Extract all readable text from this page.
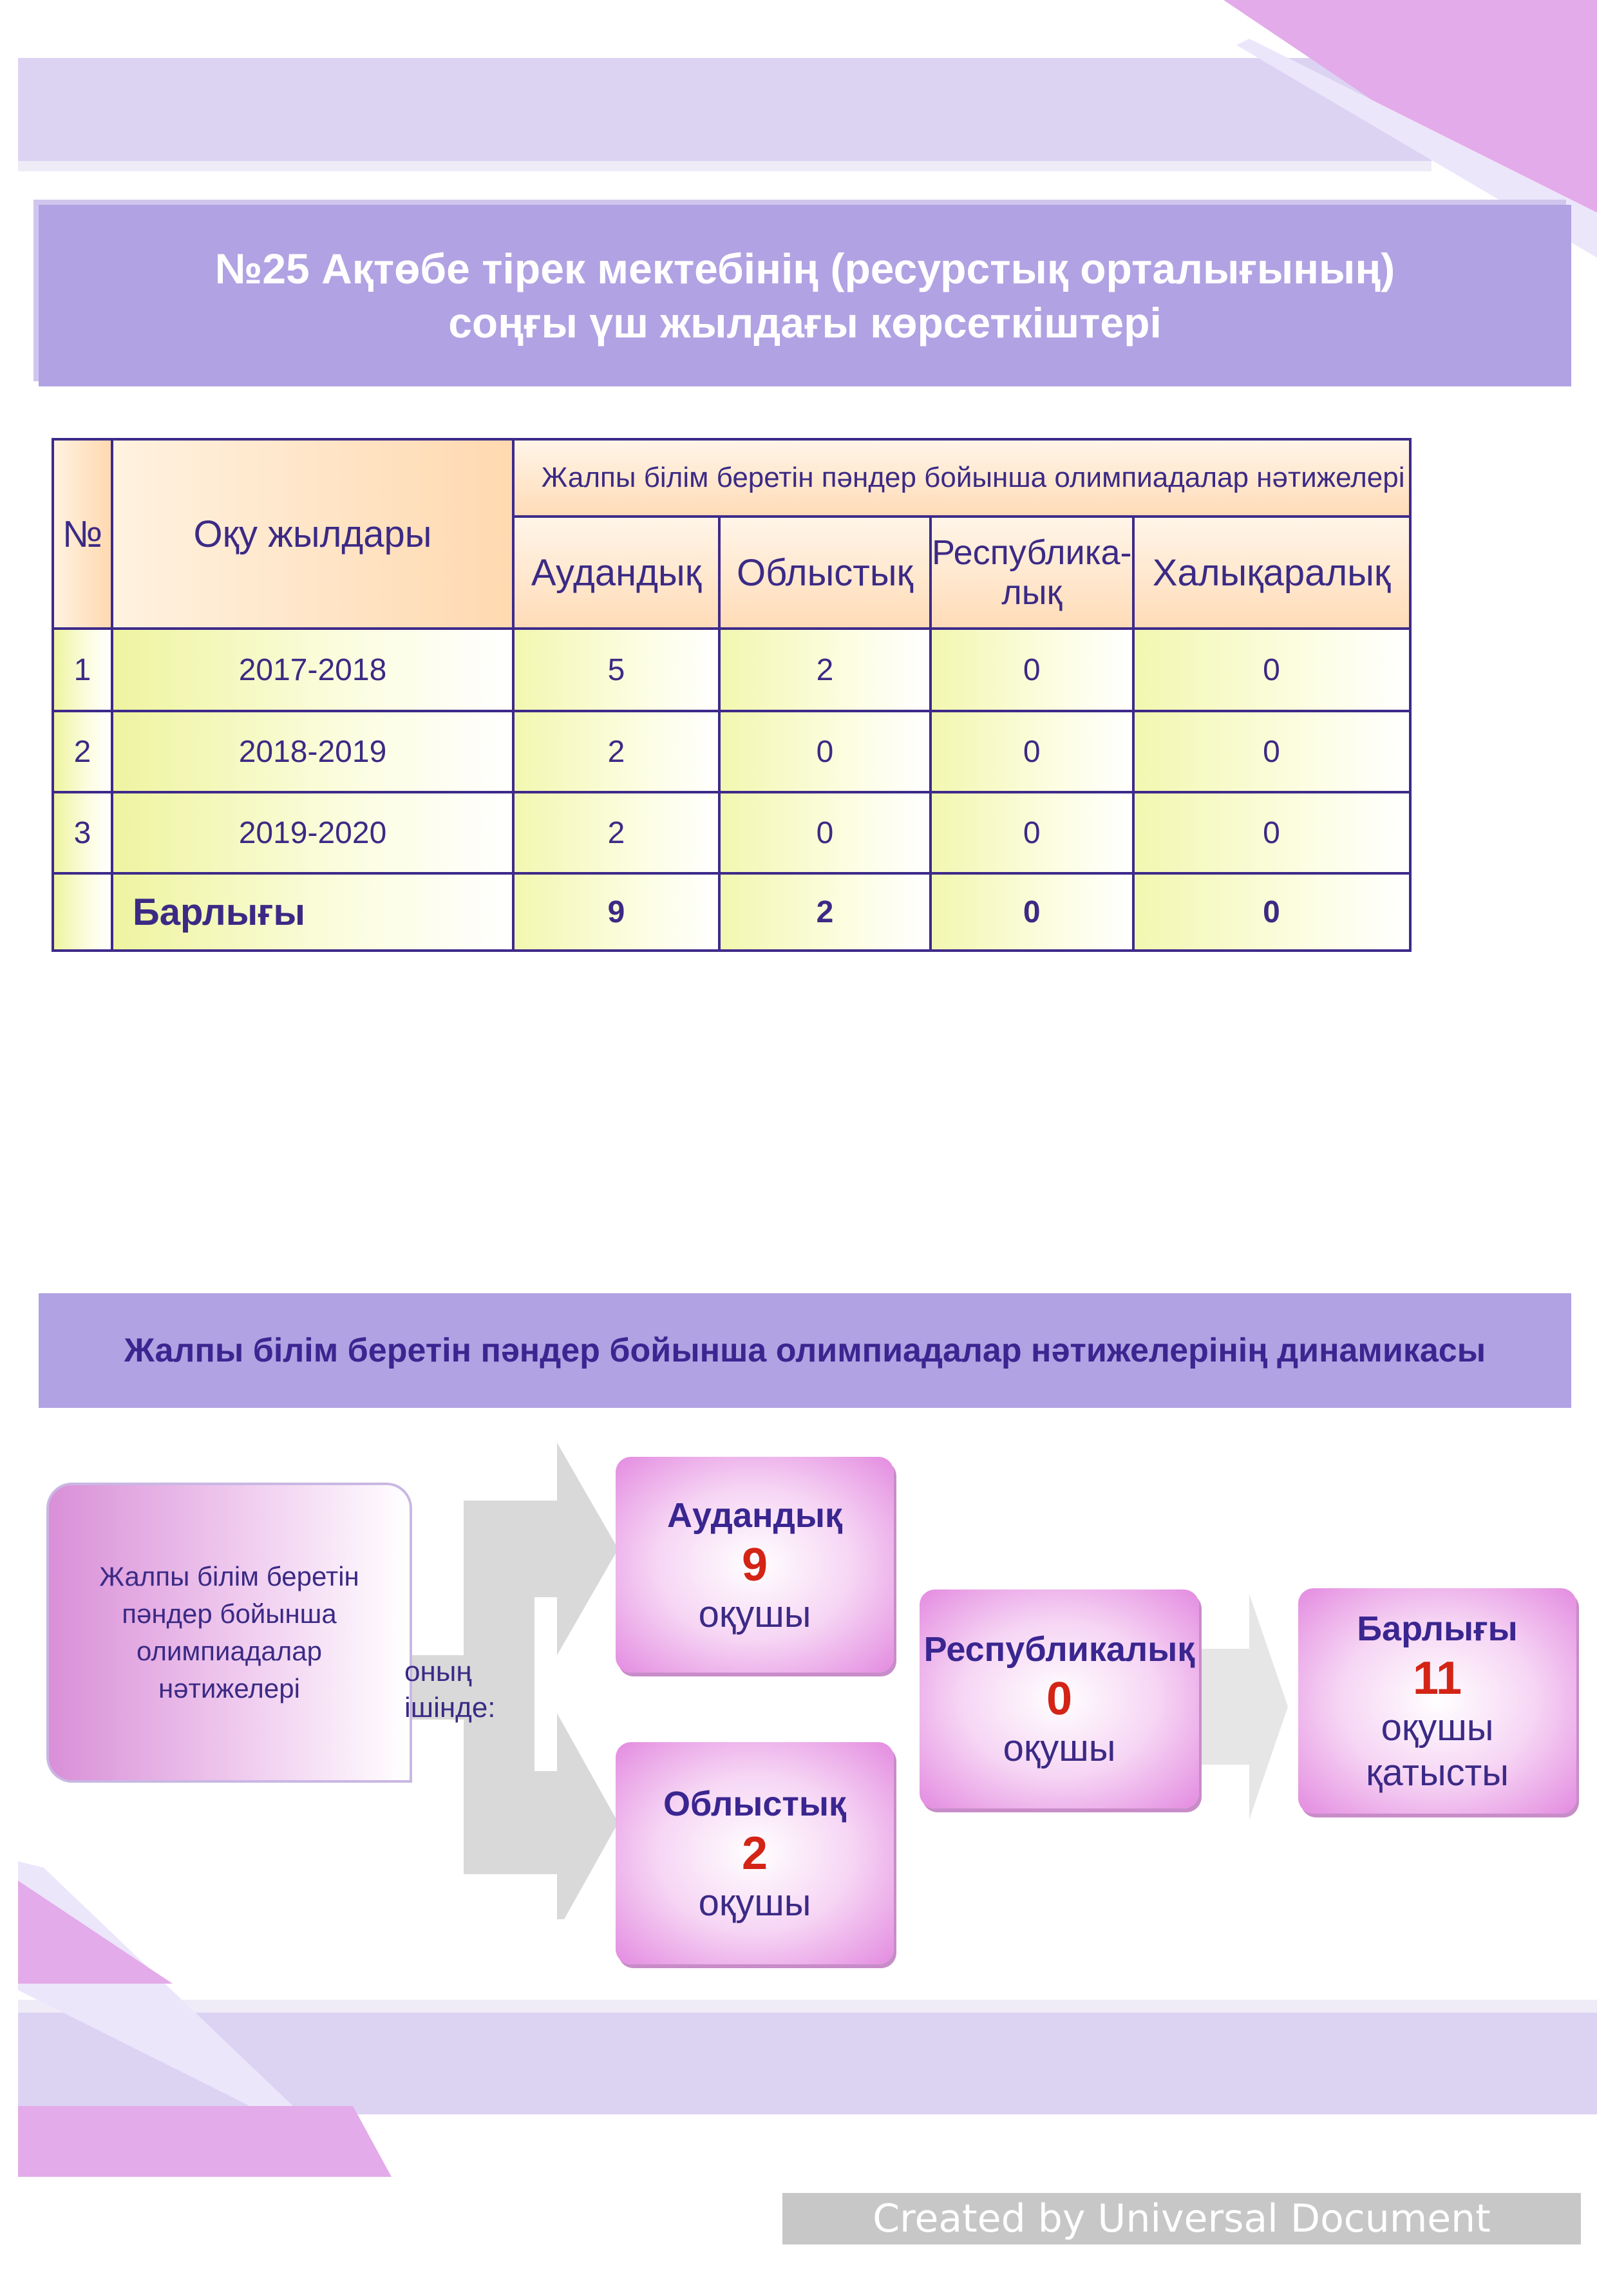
№25 Ақтөбе тірек мектебінің (ресурстық орталығының)
соңғы үш жылдағы көрсеткіштері
№	Оқу жылдары	Жалпы білім беретін пәндер бойынша олимпиадалар нәтижелері			
		Аудандық	Облыстық	Республика-
лық	Халықаралық
1	2017-2018	5	2	0	0
2	2018-2019	2	0	0	0
3	2019-2020	2	0	0	0
	Барлығы	9	2	0	0
Жалпы білім беретін пәндер бойынша олимпиадалар нәтижелерінің динамикасы
Жалпы білім беретін
пәндер бойынша
олимпиадалар
нәтижелері
оның
ішінде:
Аудандық
9
оқушы
Облыстық
2
оқушы
Республикалық
0
оқушы
Барлығы
11
оқушы
қатысты
Created by Universal Document Converter
